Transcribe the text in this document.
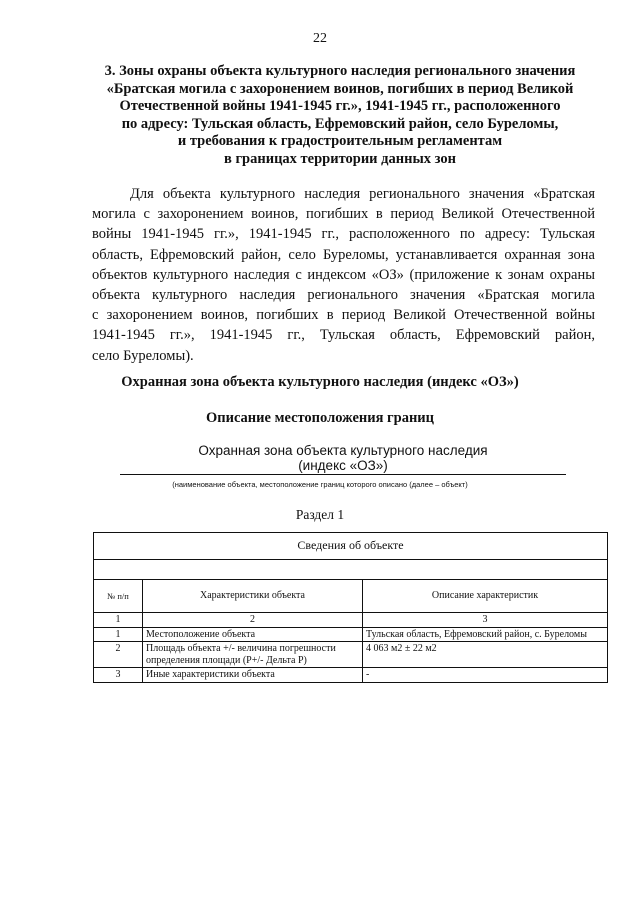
22
3. Зоны охраны объекта культурного наследия регионального значения
«Братская могила с захоронением воинов, погибших в период Великой
Отечественной войны 1941-1945 гг.», 1941-1945 гг., расположенного
по адресу: Тульская область, Ефремовский район, село Буреломы,
и требования к градостроительным регламентам
в границах территории данных зон
Для объекта культурного наследия регионального значения «Братская
могила с захоронением воинов, погибших в период Великой Отечественной
войны 1941-1945 гг.», 1941-1945 гг., расположенного по адресу: Тульская
область, Ефремовский район, село Буреломы, устанавливается охранная зона
объектов культурного наследия с индексом «ОЗ» (приложение к зонам охраны
объекта культурного наследия регионального значения «Братская могила
с захоронением воинов, погибших в период Великой Отечественной войны
1941-1945 гг.», 1941-1945 гг., Тульская область, Ефремовский район,
село Буреломы).
Охранная зона объекта культурного наследия (индекс «ОЗ»)
Описание местоположения границ
Охранная зона объекта культурного наследия
(индекс «ОЗ»)
(наименование объекта, местоположение границ которого описано (далее – объект)
Раздел 1
Сведения об объекте		

№ п/п	Характеристики объекта	Описание характеристик
1	2	3
1	Местоположение объекта	Тульская область, Ефремовский район, с. Буреломы
2	Площадь объекта +/- величина погрешности определения площади (Р+/- Дельта Р)	4 063 м2 ± 22 м2
3	Иные характеристики объекта	-
